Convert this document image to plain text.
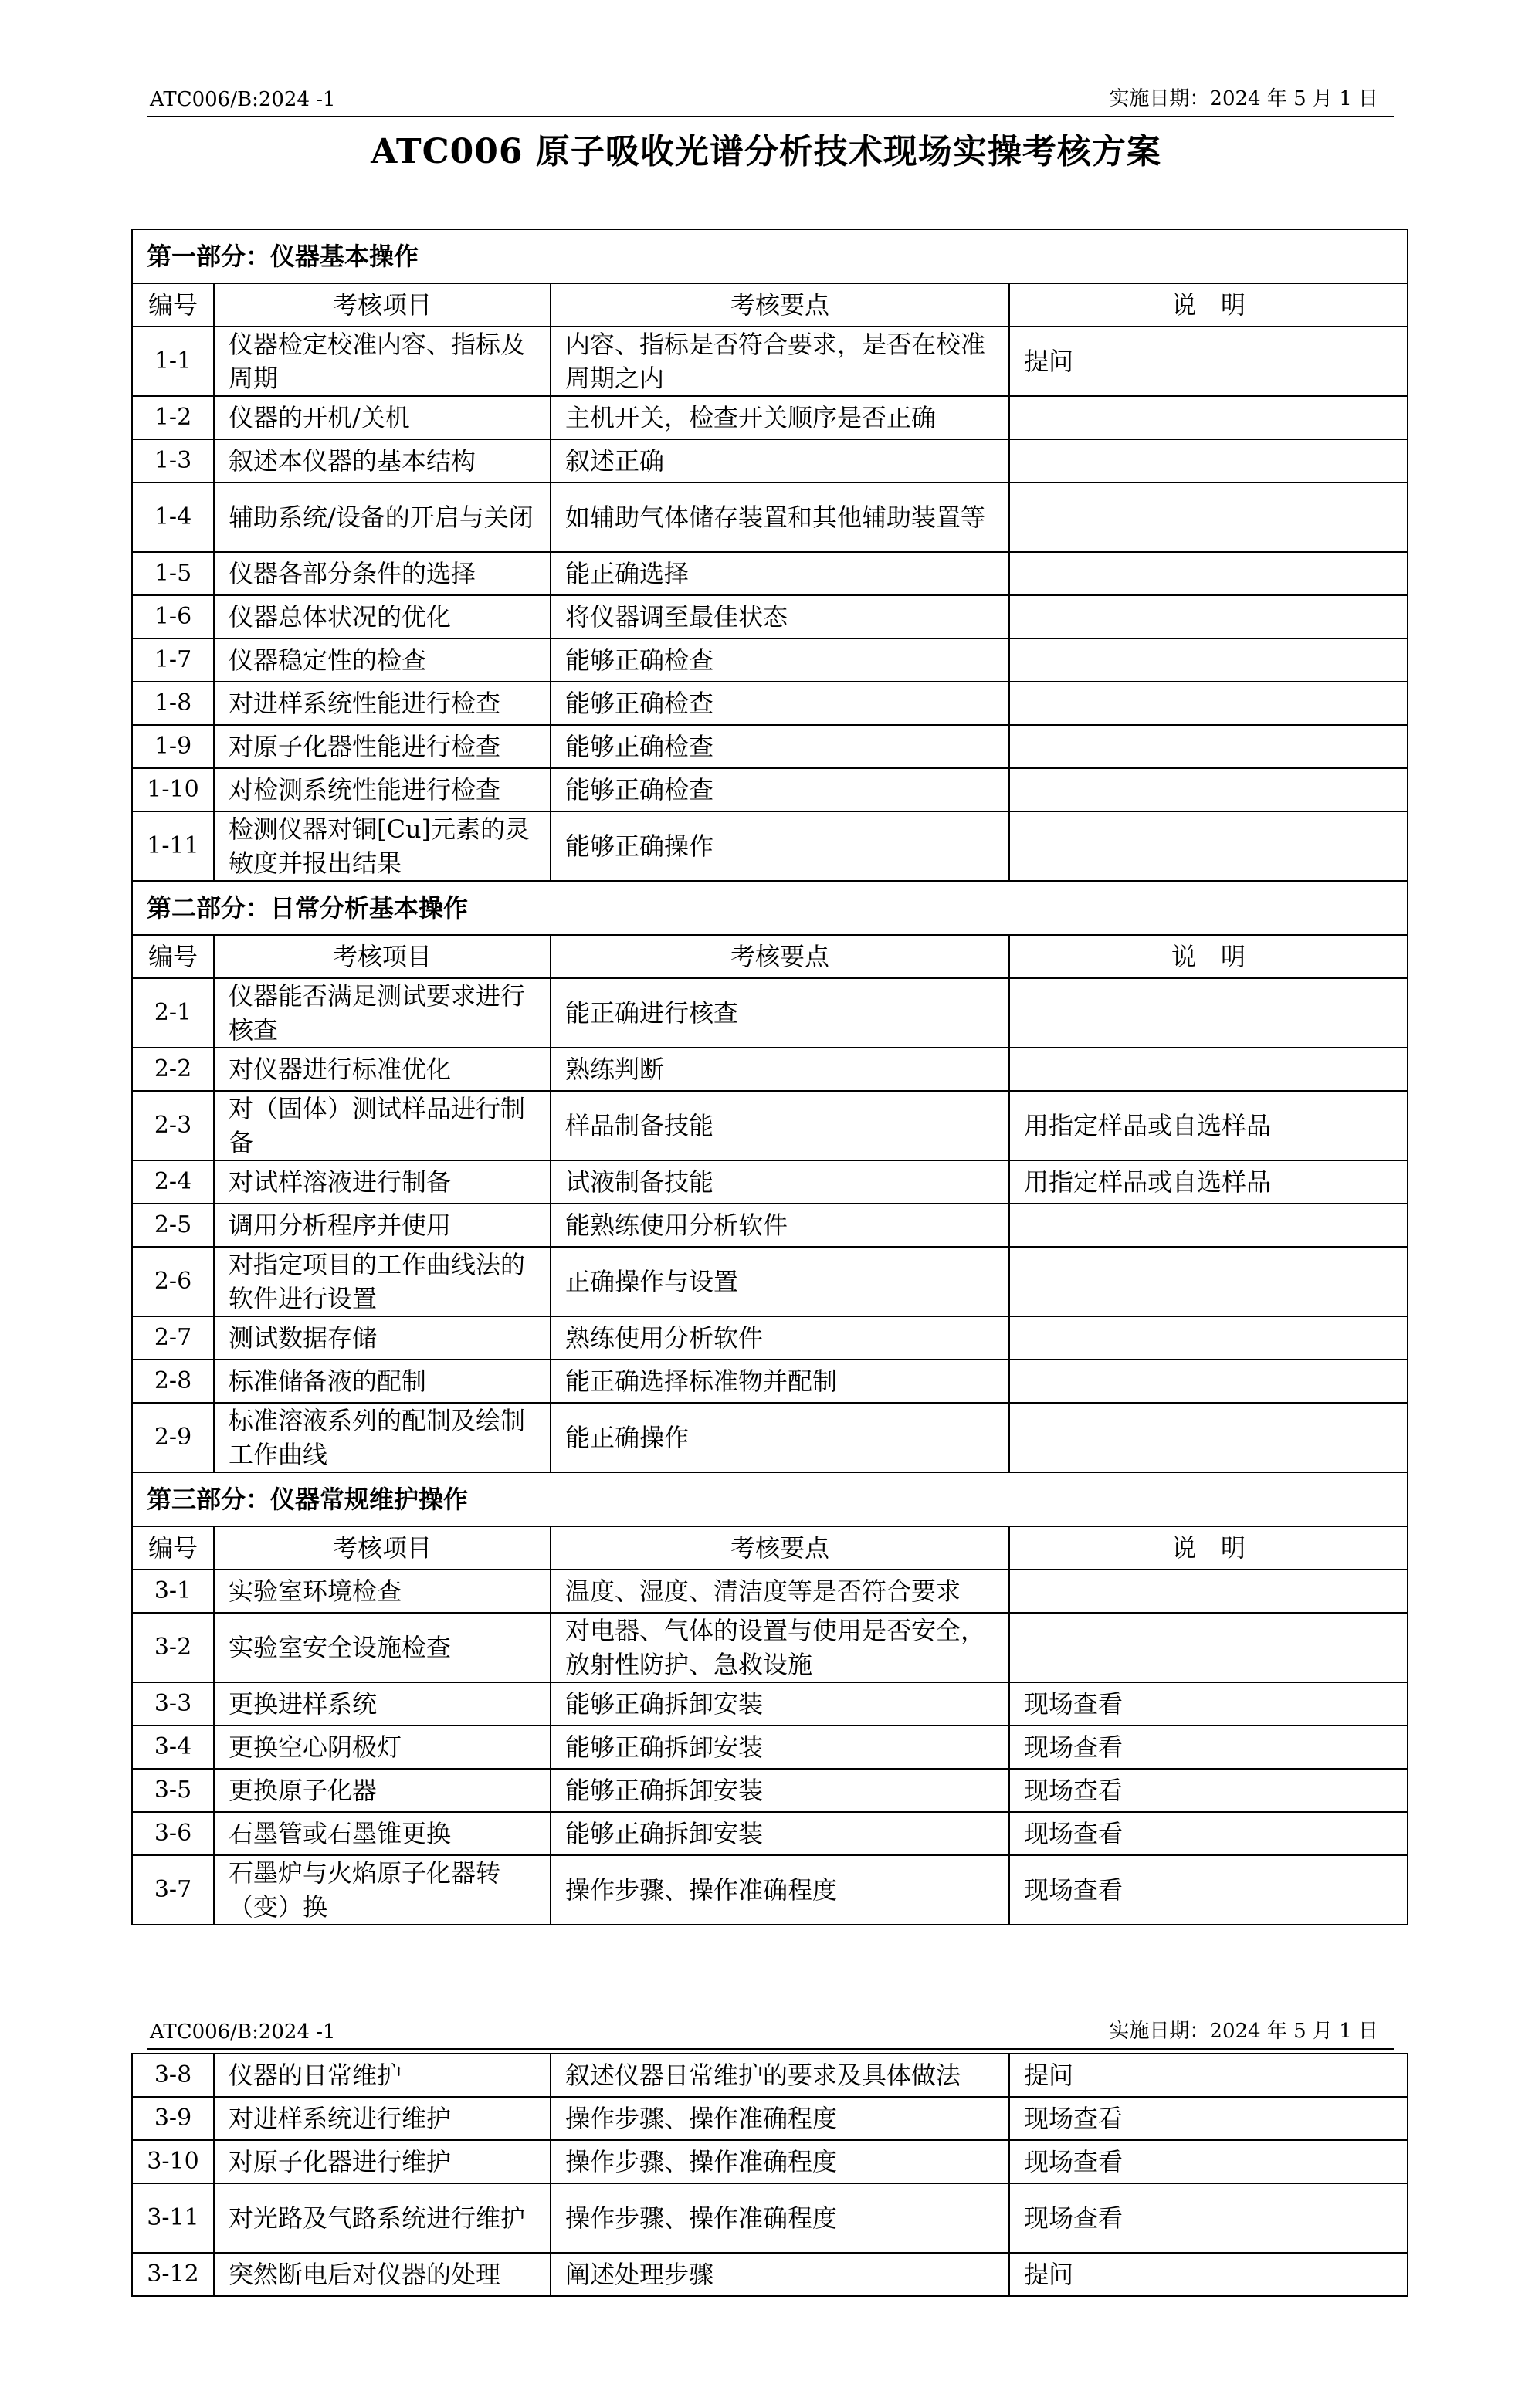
ATC006/B:2024 -1	实施日期：2024 年 5 月 1 日
ATC006 原子吸收光谱分析技术现场实操考核方案
第一部分：仪器基本操作			
编号	考核项目	考核要点	说　明
1-1	仪器检定校准内容、指标及周期	内容、指标是否符合要求，是否在校准周期之内	提问
1-2	仪器的开机/关机	主机开关，检查开关顺序是否正确	
1-3	叙述本仪器的基本结构	叙述正确	
1-4	辅助系统/设备的开启与关闭	如辅助气体储存装置和其他辅助装置等	
1-5	仪器各部分条件的选择	能正确选择	
1-6	仪器总体状况的优化	将仪器调至最佳状态	
1-7	仪器稳定性的检查	能够正确检查	
1-8	对进样系统性能进行检查	能够正确检查	
1-9	对原子化器性能进行检查	能够正确检查	
1-10	对检测系统性能进行检查	能够正确检查	
1-11	检测仪器对铜[Cu]元素的灵敏度并报出结果	能够正确操作	
第二部分：日常分析基本操作			
编号	考核项目	考核要点	说　明
2-1	仪器能否满足测试要求进行核查	能正确进行核查	
2-2	对仪器进行标准优化	熟练判断	
2-3	对（固体）测试样品进行制备	样品制备技能	用指定样品或自选样品
2-4	对试样溶液进行制备	试液制备技能	用指定样品或自选样品
2-5	调用分析程序并使用	能熟练使用分析软件	
2-6	对指定项目的工作曲线法的软件进行设置	正确操作与设置	
2-7	测试数据存储	熟练使用分析软件	
2-8	标准储备液的配制	能正确选择标准物并配制	
2-9	标准溶液系列的配制及绘制工作曲线	能正确操作	
第三部分：仪器常规维护操作			
编号	考核项目	考核要点	说　明
3-1	实验室环境检查	温度、湿度、清洁度等是否符合要求	
3-2	实验室安全设施检查	对电器、气体的设置与使用是否安全，放射性防护、急救设施	
3-3	更换进样系统	能够正确拆卸安装	现场查看
3-4	更换空心阴极灯	能够正确拆卸安装	现场查看
3-5	更换原子化器	能够正确拆卸安装	现场查看
3-6	石墨管或石墨锥更换	能够正确拆卸安装	现场查看
3-7	石墨炉与火焰原子化器转（变）换	操作步骤、操作准确程度	现场查看
ATC006/B:2024 -1	实施日期：2024 年 5 月 1 日
3-8	仪器的日常维护	叙述仪器日常维护的要求及具体做法	提问
3-9	对进样系统进行维护	操作步骤、操作准确程度	现场查看
3-10	对原子化器进行维护	操作步骤、操作准确程度	现场查看
3-11	对光路及气路系统进行维护	操作步骤、操作准确程度	现场查看
3-12	突然断电后对仪器的处理	阐述处理步骤	提问
